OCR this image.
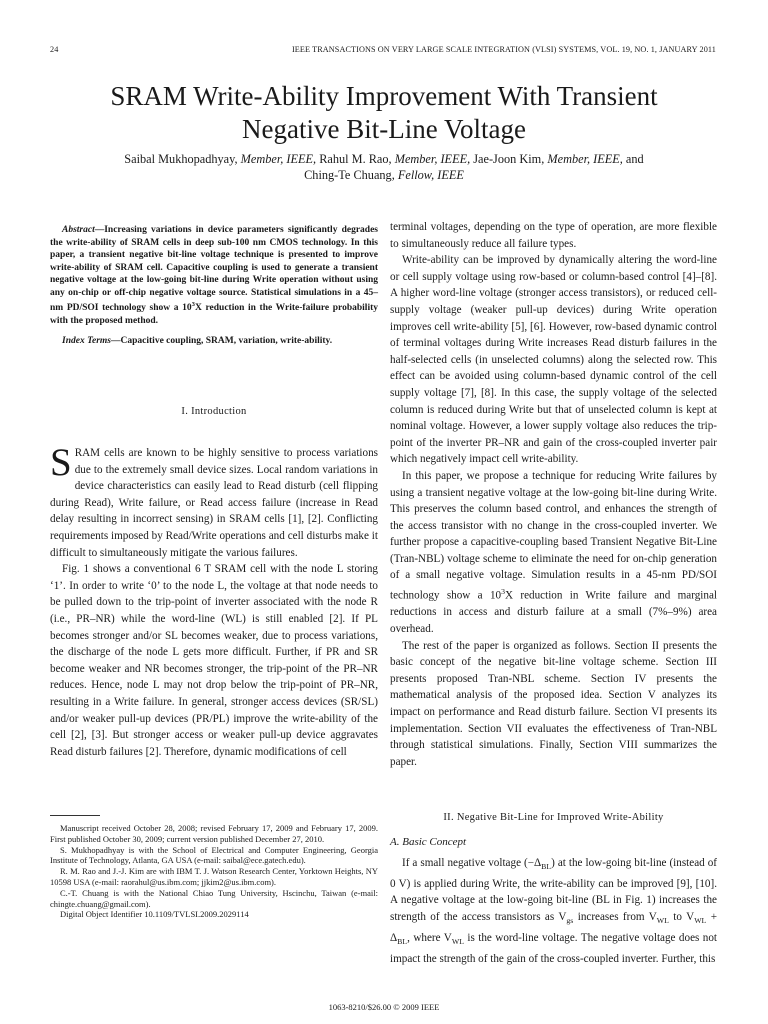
24	IEEE TRANSACTIONS ON VERY LARGE SCALE INTEGRATION (VLSI) SYSTEMS, VOL. 19, NO. 1, JANUARY 2011
SRAM Write-Ability Improvement With Transient
Negative Bit-Line Voltage
Saibal Mukhopadhyay, Member, IEEE, Rahul M. Rao, Member, IEEE, Jae-Joon Kim, Member, IEEE, and
Ching-Te Chuang, Fellow, IEEE

Abstract—Increasing variations in device parameters significantly degrades the write-ability of SRAM cells in deep sub-100 nm CMOS technology. In this paper, a transient negative bit-line voltage technique is presented to improve write-ability of SRAM cell. Capacitive coupling is used to generate a transient negative voltage at the low-going bit-line during Write operation without using any on-chip or off-chip negative voltage source. Statistical simulations in a 45–nm PD/SOI technology show a $10^3X$ reduction in the Write-failure probability with the proposed method.

Index Terms—Capacitive coupling, SRAM, variation, write-ability.

I. Introduction

SRAM cells are known to be highly sensitive to process variations due to the extremely small device sizes. Local random variations in device characteristics can easily lead to Read disturb (cell flipping during Read), Write failure, or Read access failure (increase in Read delay resulting in incorrect sensing) in SRAM cells [1], [2]. Conflicting requirements imposed by Read/Write operations and cell disturbs make it difficult to simultaneously mitigate the various failures.

Fig. 1 shows a conventional 6 T SRAM cell with the node L storing ‘1’. In order to write ‘0’ to the node L, the voltage at that node needs to be pulled down to the trip-point of inverter associated with the node R (i.e., PR–NR) while the word-line (WL) is still enabled [2]. If PL becomes stronger and/or SL becomes weaker, due to process variations, the discharge of the node L gets more difficult. Further, if PR and SR become weaker and NR becomes stronger, the trip-point of the PR–NR reduces. Hence, node L may not drop below the trip-point of PR–NR, resulting in a Write failure. In general, stronger access devices (SR/SL) and/or weaker pull-up devices (PR/PL) improve the write-ability of the cell [2], [3]. But stronger access or weaker pull-up device aggravates Read disturb failures [2]. Therefore, dynamic modifications of cell

Manuscript received October 28, 2008; revised February 17, 2009 and February 17, 2009. First published October 30, 2009; current version published December 27, 2010.

S. Mukhopadhyay is with the School of Electrical and Computer Engineering, Georgia Institute of Technology, Atlanta, GA USA (e-mail: saibal@ece.gatech.edu).

R. M. Rao and J.-J. Kim are with IBM T. J. Watson Research Center, Yorktown Heights, NY 10598 USA (e-mail: raorahul@us.ibm.com; jjkim2@us.ibm.com).

C.-T. Chuang is with the National Chiao Tung University, Hscinchu, Taiwan (e-mail: chingte.chuang@gmail.com).

Digital Object Identifier 10.1109/TVLSI.2009.2029114

terminal voltages, depending on the type of operation, are more flexible to simultaneously reduce all failure types.

Write-ability can be improved by dynamically altering the word-line or cell supply voltage using row-based or column-based control [4]–[8]. A higher word-line voltage (stronger access transistors), or reduced cell-supply voltage (weaker pull-up devices) during Write operation improves cell write-ability [5], [6]. However, row-based dynamic control of terminal voltages during Write increases Read disturb failures in the half-selected cells (in unselected columns) along the selected row. This effect can be avoided using column-based dynamic control of the cell supply voltage [7], [8]. In this case, the supply voltage of the selected column is reduced during Write but that of unselected column is kept at nominal voltage. However, a lower supply voltage also reduces the trip-point of the inverter PR–NR and gain of the cross-coupled inverter pair which negatively impact cell write-ability.

In this paper, we propose a technique for reducing Write failures by using a transient negative voltage at the low-going bit-line during Write. This preserves the column based control, and enhances the strength of the access transistor with no change in the cross-coupled inverter. We further propose a capacitive-coupling based Transient Negative Bit-Line (Tran-NBL) voltage scheme to eliminate the need for on-chip generation of a small negative voltage. Simulation results in a 45-nm PD/SOI technology show a $10^3X$ reduction in Write failure and marginal reductions in access and disturb failure at a small (7%–9%) area overhead.

The rest of the paper is organized as follows. Section II presents the basic concept of the negative bit-line voltage scheme. Section III presents proposed Tran-NBL scheme. Section IV presents the mathematical analysis of the proposed idea. Section V analyzes its impact on performance and Read disturb failure. Section VI presents its implementation. Section VII evaluates the effectiveness of Tran-NBL through statistical simulations. Finally, Section VIII summarizes the paper.

II. Negative Bit-Line for Improved Write-Ability
A. Basic Concept

If a small negative voltage $(-\Delta_{BL})$ at the low-going bit-line (instead of 0 V) is applied during Write, the write-ability can be improved [9], [10]. A negative voltage at the low-going bit-line (BL in Fig. 1) increases the strength of the access transistors as $V_{gs}$ increases from $V_{WL}$ to $V_{WL} + \Delta_{BL}$, where $V_{WL}$ is the word-line voltage. The negative voltage does not impact the strength of the gain of the cross-coupled inverter. Further, this

1063-8210/$26.00 © 2009 IEEE
